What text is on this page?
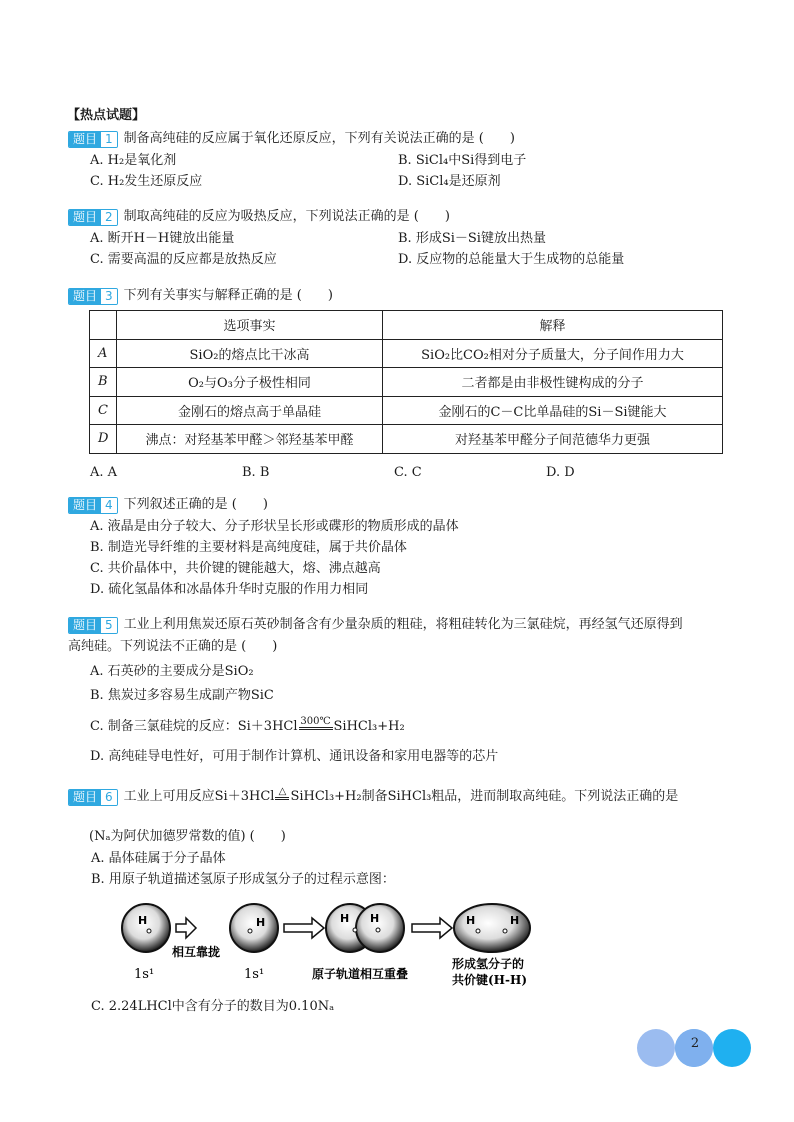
【热点试题】
题目 1 制备高纯硅的反应属于氧化还原反应，下列有关说法正确的是 (　　)
A. H₂是氧化剂	B. SiCl₄中Si得到电子
C. H₂发生还原反应	D. SiCl₄是还原剂
题目 2 制取高纯硅的反应为吸热反应，下列说法正确的是 (　　)
A. 断开H－H键放出能量	B. 形成Si－Si键放出热量
C. 需要高温的反应都是放热反应	D. 反应物的总能量大于生成物的总能量
题目 3 下列有关事实与解释正确的是 (　　)
	选项事实	解释
A	SiO₂的熔点比干冰高	SiO₂比CO₂相对分子质量大，分子间作用力大
B	O₂与O₃分子极性相同	二者都是由非极性键构成的分子
C	金刚石的熔点高于单晶硅	金刚石的C－C比单晶硅的Si－Si键能大
D	沸点：对羟基苯甲醛＞邻羟基苯甲醛	对羟基苯甲醛分子间范德华力更强
A. A	B. B	C. C	D. D
题目 4 下列叙述正确的是 (　　)
A. 液晶是由分子较大、分子形状呈长形或碟形的物质形成的晶体
B. 制造光导纤维的主要材料是高纯度硅，属于共价晶体
C. 共价晶体中，共价键的键能越大，熔、沸点越高
D. 硫化氢晶体和冰晶体升华时克服的作用力相同
题目 5 工业上利用焦炭还原石英砂制备含有少量杂质的粗硅，将粗硅转化为三氯硅烷，再经氢气还原得到
高纯硅。下列说法不正确的是 (　　)
A. 石英砂的主要成分是SiO₂
B. 焦炭过多容易生成副产物SiC
C. 制备三氯硅烷的反应：Si＋3HCl 300℃ SiHCl₃+H₂
D. 高纯硅导电性好，可用于制作计算机、通讯设备和家用电器等的芯片
题目 6 工业上可用反应Si＋3HCl △ SiHCl₃+H₂制备SiHCl₃粗品，进而制取高纯硅。下列说法正确的是
(Nₐ为阿伏加德罗常数的值) (　　)
A. 晶体硅属于分子晶体
B. 用原子轨道描述氢原子形成氢分子的过程示意图：
H
相互靠拢
H
1s¹	1s¹
H H
原子轨道相互重叠
H	H
形成氢分子的
共价键(H-H)
C. 2.24LHCl中含有分子的数目为0.10Nₐ
2
